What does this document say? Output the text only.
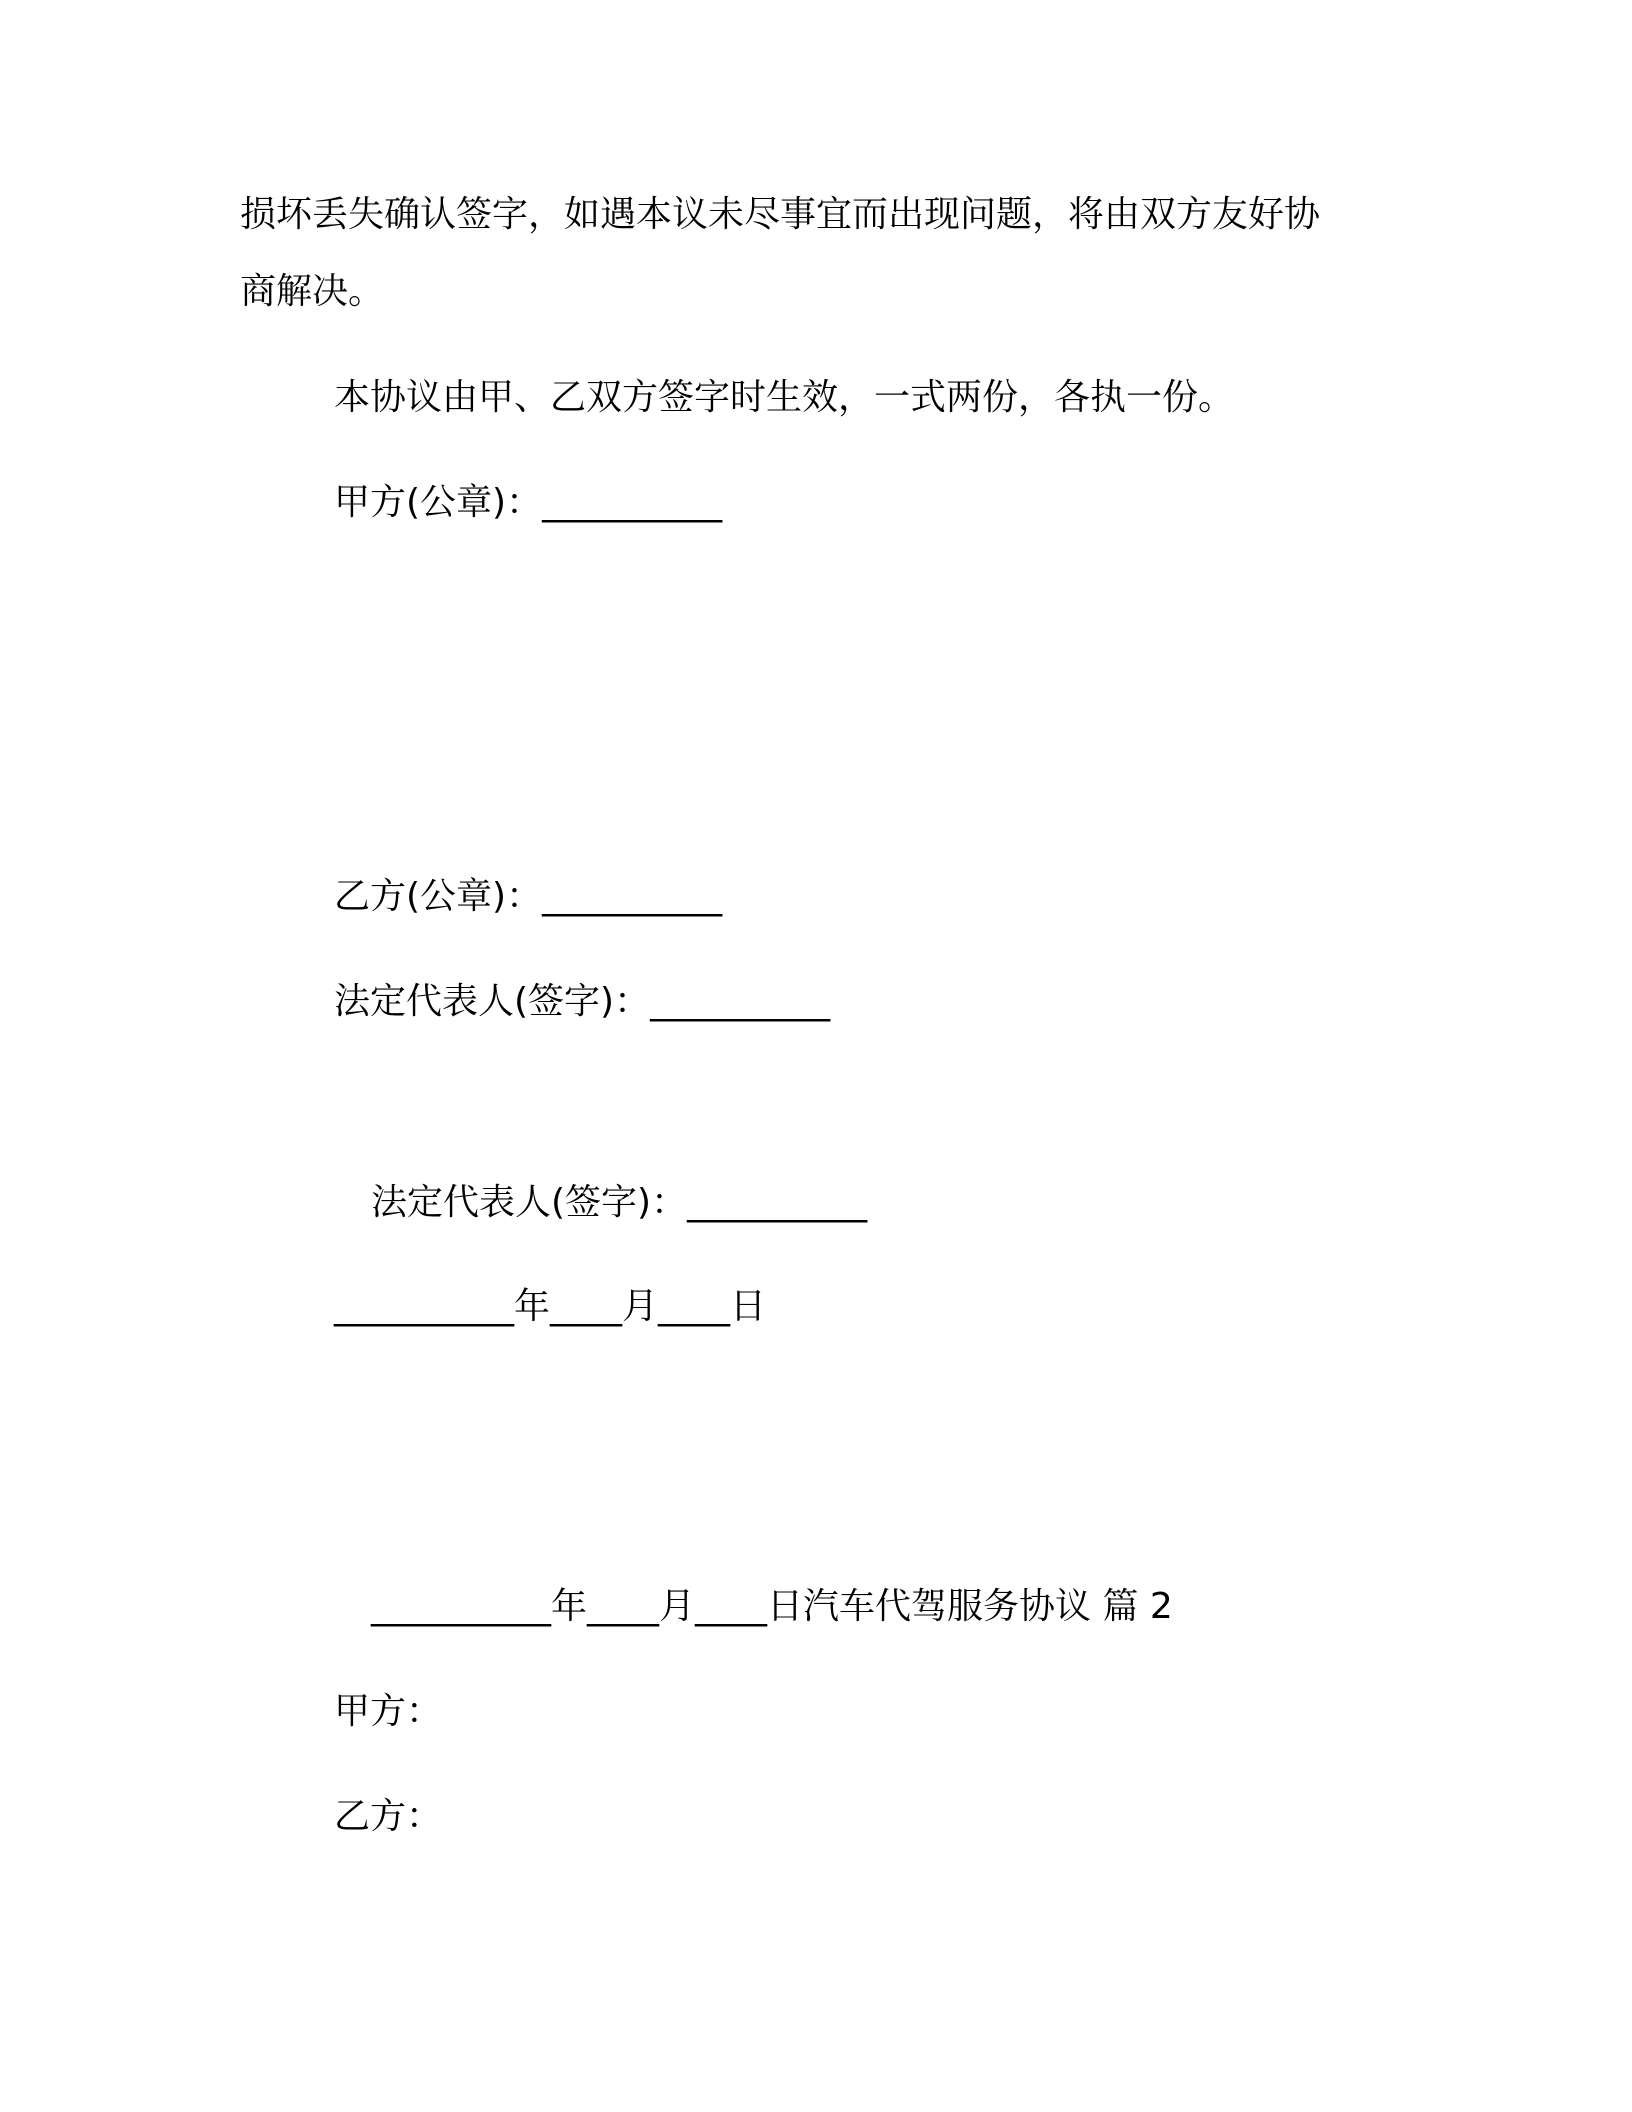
损坏丢失确认签字，如遇本议未尽事宜而出现问题，将由双方友好协
商解决。
本协议由甲、乙双方签字时生效，一式两份，各执一份。
甲方(公章)：__________
乙方(公章)：__________
法定代表人(签字)：__________
法定代表人(签字)：__________
__________年____月____日
__________年____月____日汽车代驾服务协议 篇 2
甲方：
乙方：
